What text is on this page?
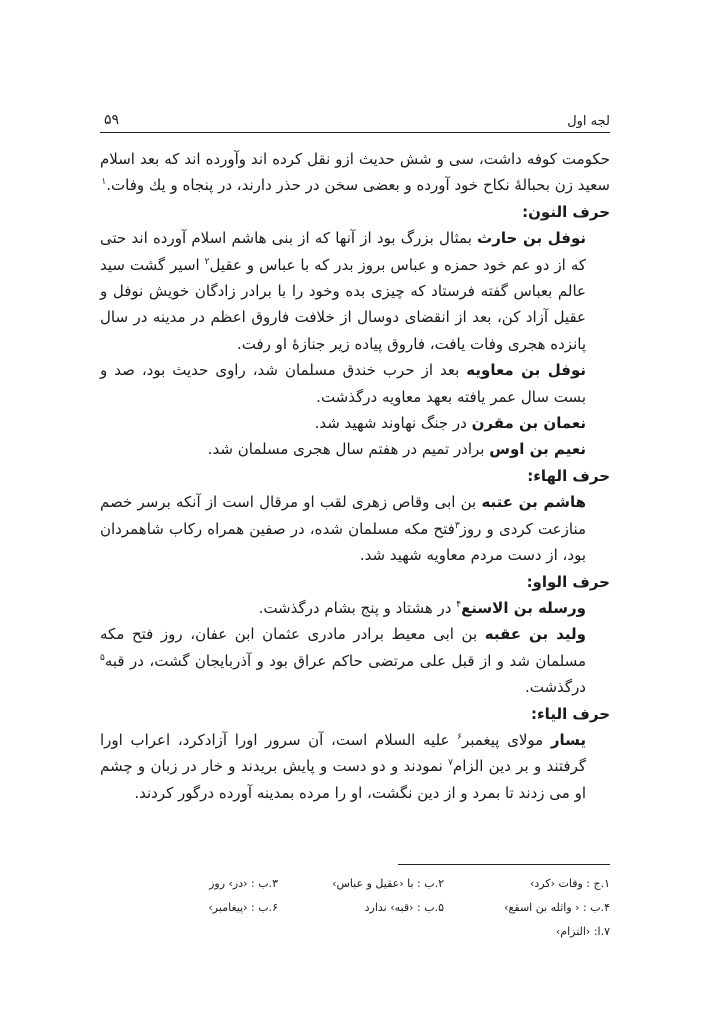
لجه اول
۵۹

حکومت کوفه داشت، سی و شش حدیث ازو نقل کرده اند وآورده اند که بعد اسلام سعید زن بحبالۀ نکاح خود آورده و بعضی سخن در حذر دارند، در پنجاه و یك وفات.$^۱$

حرف النون:

نوفل بن حارث بمثال بزرگ بود از آنها که از بنی هاشم اسلام آورده اند حتی که از دو عم خود حمزه و عباس بروز بدر که با عباس و عقیل$^۲$ اسیر گشت سید عالم بعباس گفته فرستاد که چیزی بده وخود را با برادر زادگان خویش نوفل و عقیل آزاد کن، بعد از انقضای دوسال از خلافت فاروق اعظم در مدینه در سال پانزده هجری وفات یافت، فاروق پیاده زیر جنازۀ او رفت.

نوفل بن معاویه بعد از حرب خندق مسلمان شد، راوی حدیث بود، صد و بست سال عمر یافته بعهد معاویه درگذشت.

نعمان بن مقرن در جنگ نهاوند شهید شد.

نعیم بن اوس برادر تمیم در هفتم سال هجری مسلمان شد.

حرف الهاء:

هاشم بن عتبه بن ابی وقاص زهری لقب او مرقال است از آنکه برسر خصم منازعت کردی و روز$^۳$فتح مکه مسلمان شده، در صفین همراه رکاب شاهمردان بود، از دست مردم معاویه شهید شد.

حرف الواو:

ورسله بن الاسنع$^۴$ در هشتاد و پنج بشام درگذشت.

ولید بن عقبه بن ابی معیط برادر مادری عثمان ابن عفان، روز فتح مکه مسلمان شد و از قبل علی مرتضی حاکم عراق بود و آذربایجان گشت، در قبه$^۵$ درگذشت.

حرف الیاء:

یسار مولای پیغمبر$^۶$ علیه السلام است، آن سرور اورا آزادکرد، اعراب اورا گرفتند و بر دین الزام$^۷$ نمودند و دو دست و پایش بریدند و خار در زبان و چشم او می زدند تا بمرد و از دین نگشت، او را مرده بمدینه آورده درگور کردند.

۱.ج : وفات ‹کرد›
۲.ب : با ‹عقیل و عباس›
۳.ب : ‹در› روز
۴.ب : ‹ واثله بن اسقع›
۵.ب : ‹قبه› ندارد
۶.ب : ‹پیغامبر›
۷.ا: ‹التزام›
